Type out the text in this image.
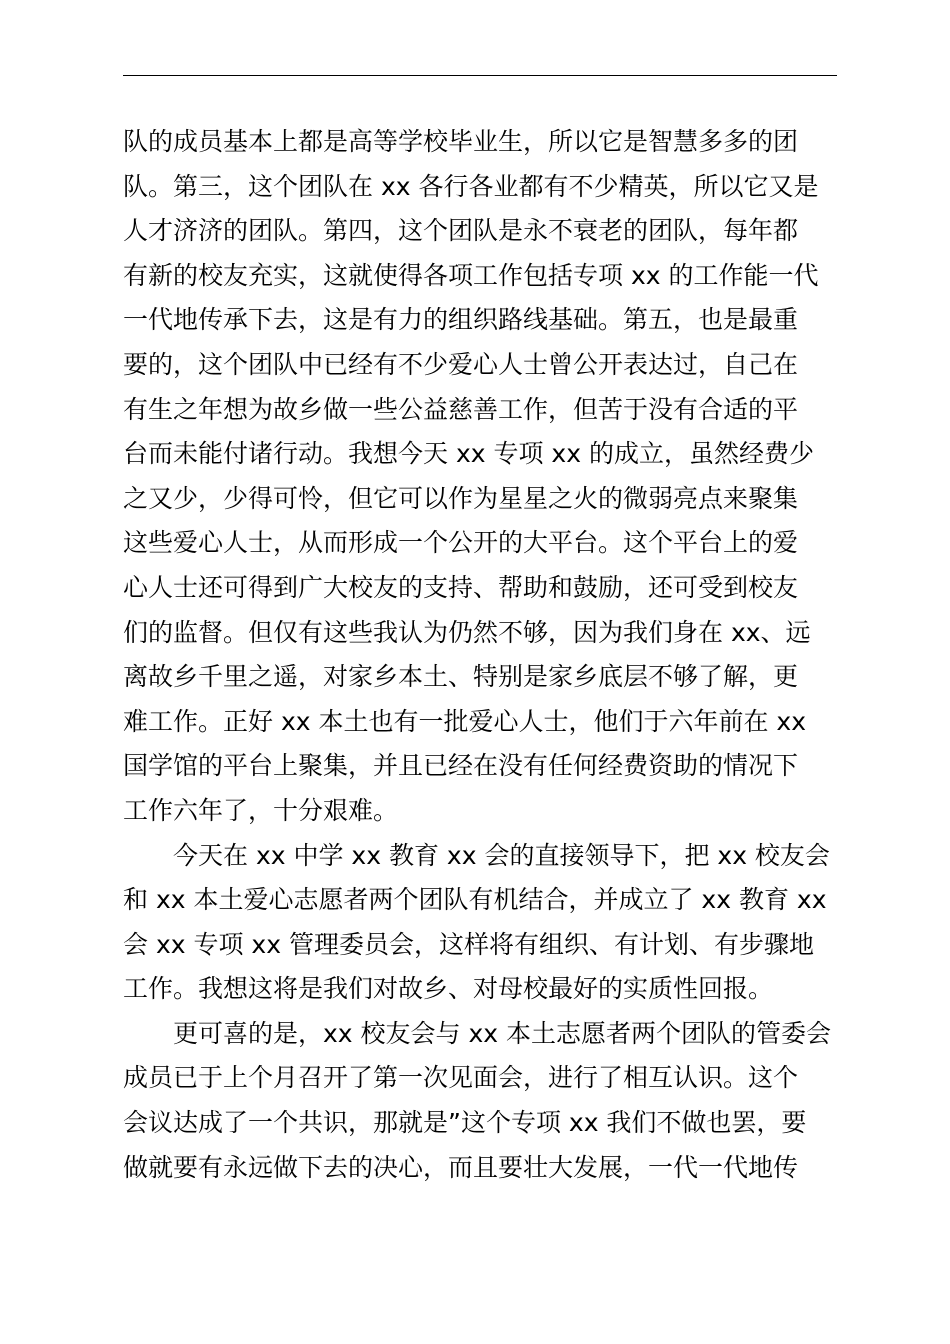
队的成员基本上都是高等学校毕业生，所以它是智慧多多的团
队。第三，这个团队在 xx 各行各业都有不少精英，所以它又是
人才济济的团队。第四，这个团队是永不衰老的团队，每年都
有新的校友充实，这就使得各项工作包括专项 xx 的工作能一代
一代地传承下去，这是有力的组织路线基础。第五，也是最重
要的，这个团队中已经有不少爱心人士曾公开表达过，自己在
有生之年想为故乡做一些公益慈善工作，但苦于没有合适的平
台而未能付诸行动。我想今天 xx 专项 xx 的成立，虽然经费少
之又少，少得可怜，但它可以作为星星之火的微弱亮点来聚集
这些爱心人士，从而形成一个公开的大平台。这个平台上的爱
心人士还可得到广大校友的支持、帮助和鼓励，还可受到校友
们的监督。但仅有这些我认为仍然不够，因为我们身在 xx、远
离故乡千里之遥，对家乡本土、特别是家乡底层不够了解，更
难工作。正好 xx 本土也有一批爱心人士，他们于六年前在 xx
国学馆的平台上聚集，并且已经在没有任何经费资助的情况下
工作六年了，十分艰难。
今天在 xx 中学 xx 教育 xx 会的直接领导下，把 xx 校友会
和 xx 本土爱心志愿者两个团队有机结合，并成立了 xx 教育 xx
会 xx 专项 xx 管理委员会，这样将有组织、有计划、有步骤地
工作。我想这将是我们对故乡、对母校最好的实质性回报。
更可喜的是，xx 校友会与 xx 本土志愿者两个团队的管委会
成员已于上个月召开了第一次见面会，进行了相互认识。这个
会议达成了一个共识，那就是”这个专项 xx 我们不做也罢，要
做就要有永远做下去的决心，而且要壮大发展，一代一代地传
